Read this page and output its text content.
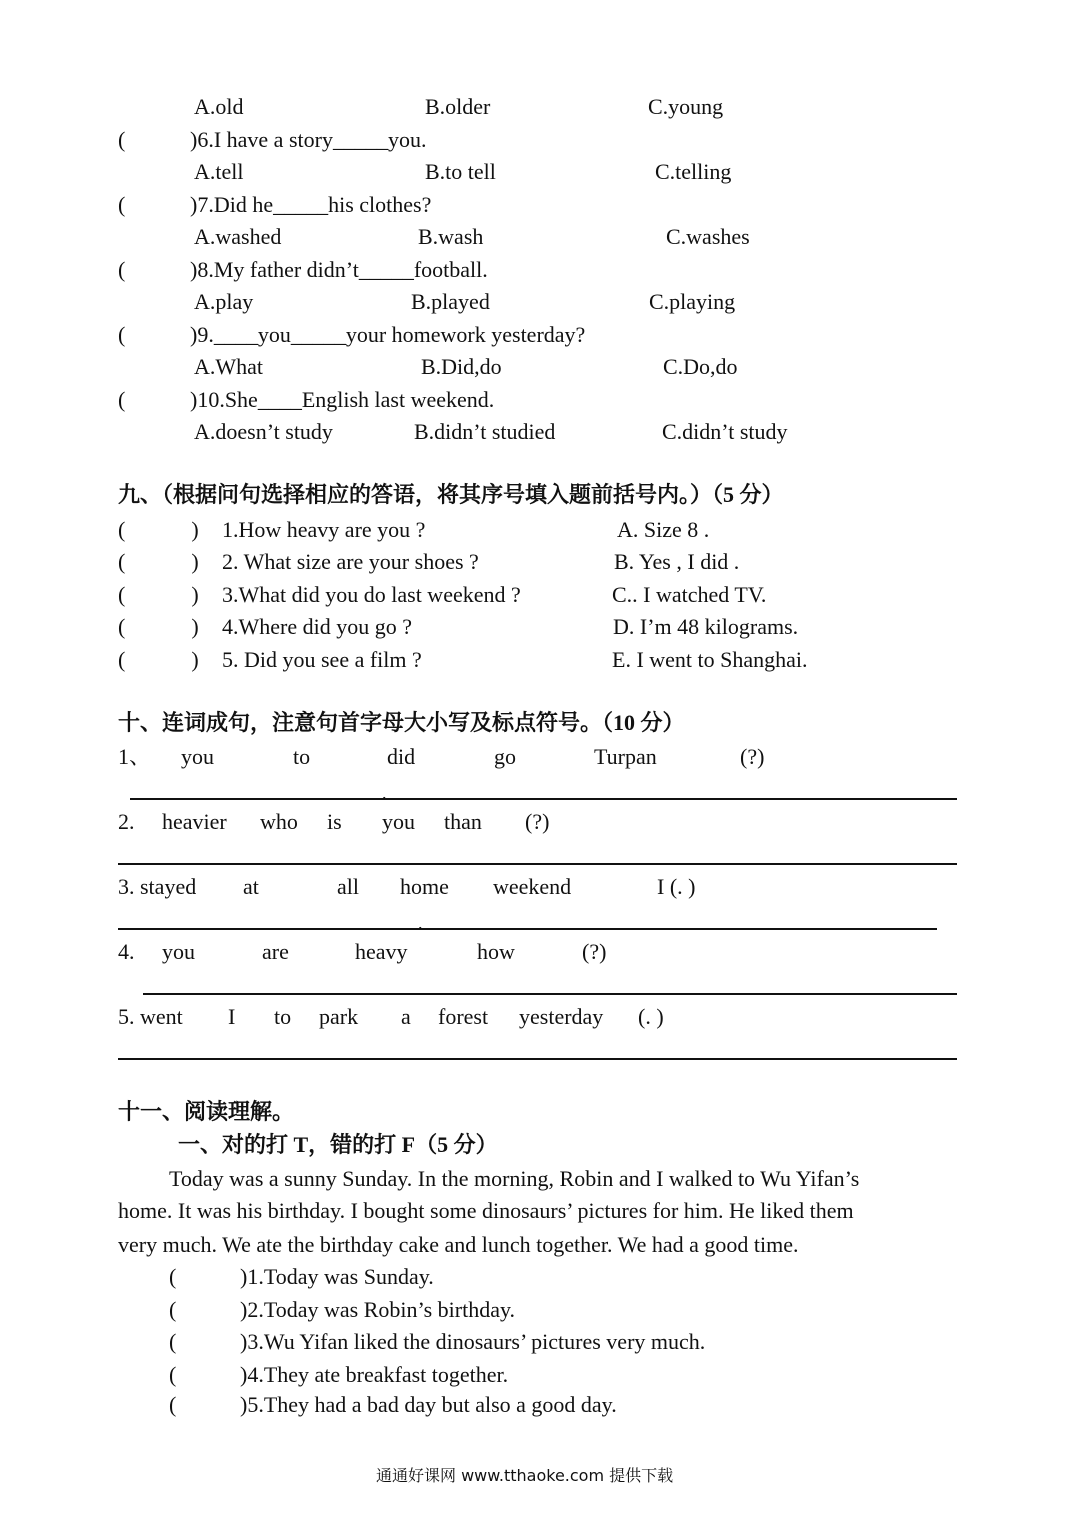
A.old	B.older	C.young
(	)6.I have a story_____you.
A.tell	B.to tell	C.telling
(	)7.Did he_____his clothes?
A.washed	B.wash	C.washes
(	)8.My father didn’t_____football.
A.play	B.played	C.playing
(	)9.____you_____your homework yesterday?
A.What	B.Did,do	C.Do,do
(	)10.She____English last weekend.
A.doesn’t study	B.didn’t studied	C.didn’t study
九、（根据问句选择相应的答语，将其序号填入题前括号内。）（5 分）
(　　　) 1.How heavy are you ?	A. Size 8 .
(　　　) 2. What size are your shoes ?	B. Yes , I did .
(　　　) 3.What did you do last weekend ?	C.. I watched TV.
(　　　) 4.Where did you go ?	D. I’m 48 kilograms.
(　　　) 5. Did you see a film ?	E. I went to Shanghai.
十、连词成句，注意句首字母大小写及标点符号。（10 分）
1、 you	to	did	go	Turpan	(?)
.
2. heavier who is you than (?)
3. stayed at	all home weekend	I (. )
.
4. you	are	heavy	how	(?)
5. went I to park a forest yesterday (. )
十一、阅读理解。
一、对的打 T，错的打 F（5 分）
Today was a sunny Sunday. In the morning, Robin and I walked to Wu Yifan’s
home. It was his birthday. I bought some dinosaurs’ pictures for him. He liked them
very much. We ate the birthday cake and lunch together. We had a good time.
(	)1.Today was Sunday.
(	)2.Today was Robin’s birthday.
(	)3.Wu Yifan liked the dinosaurs’ pictures very much.
(	)4.They ate breakfast together.
(	)5.They had a bad day but also a good day.
通通好课网 www.tthaoke.com 提供下载
